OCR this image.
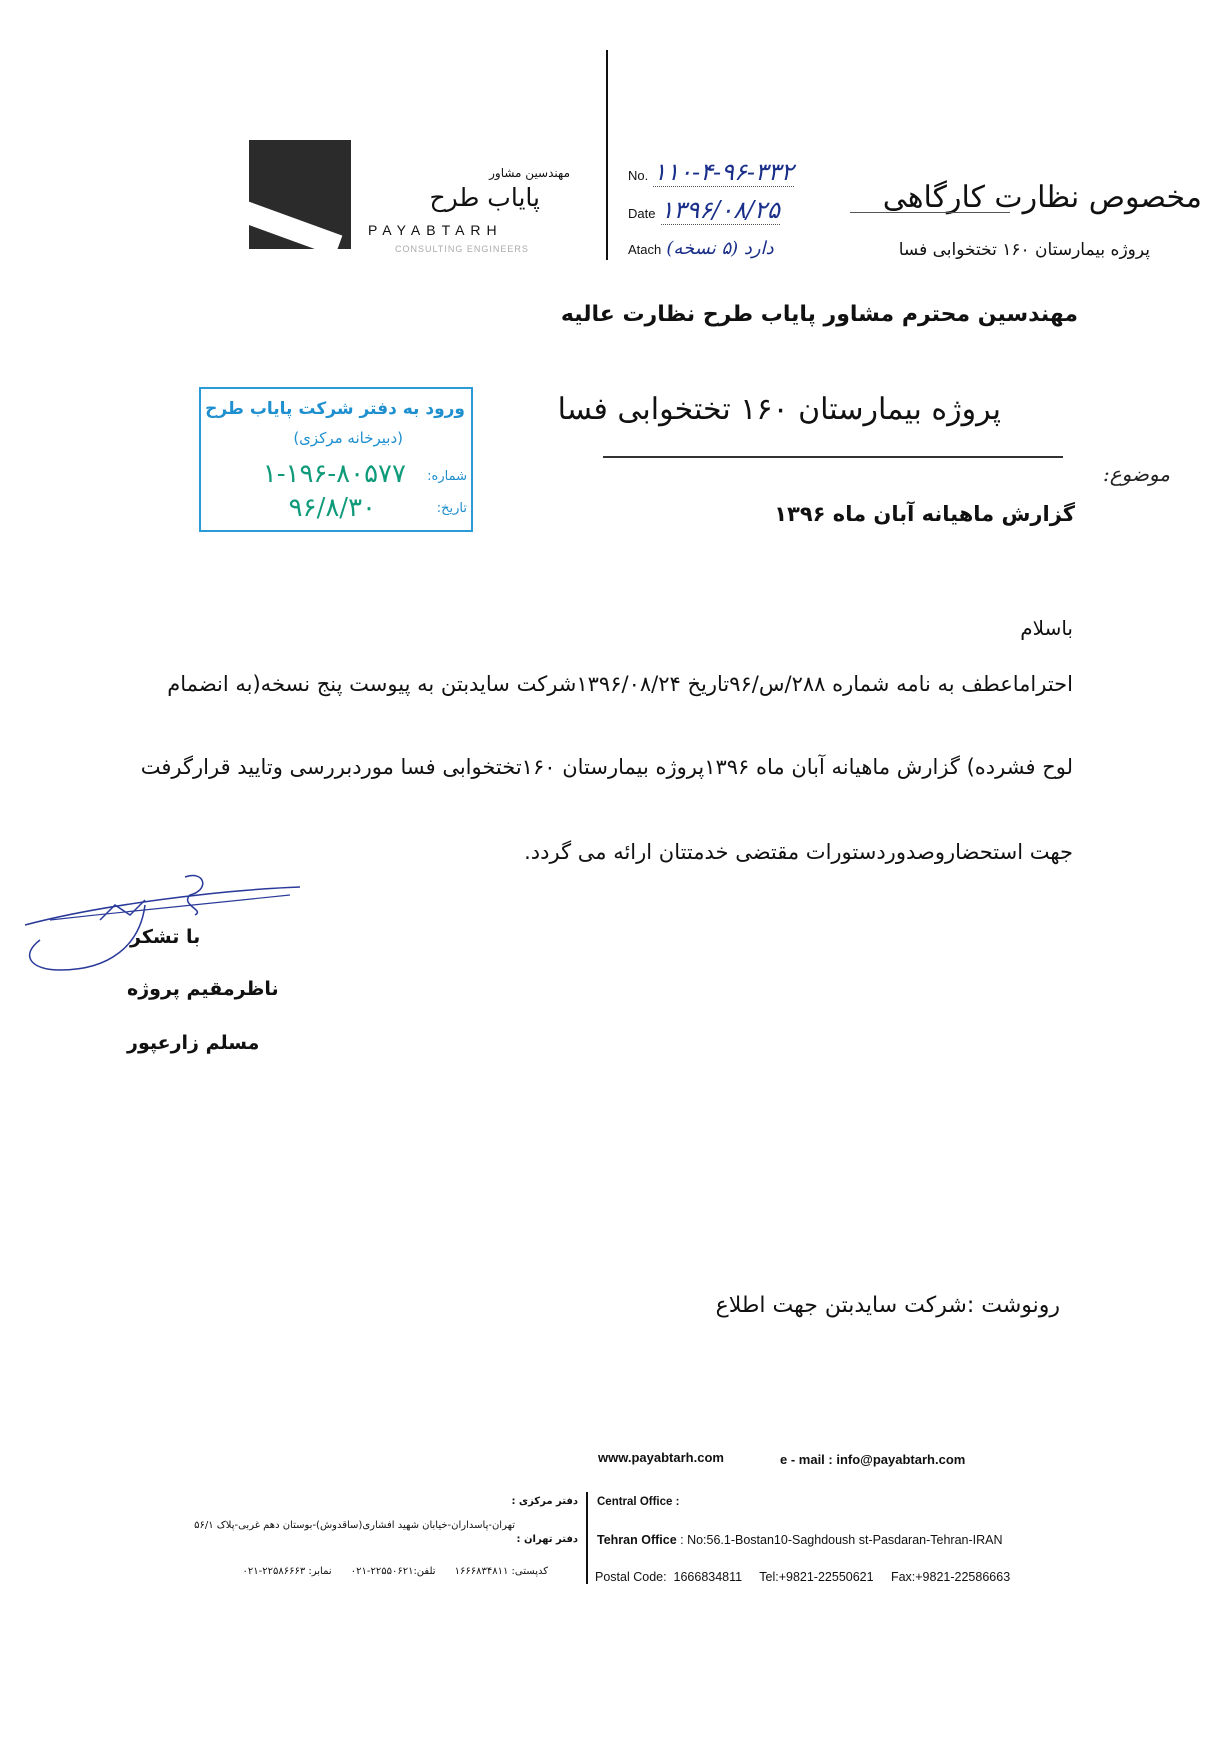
مهندسین مشاور
پایاب طرح
PAYABTARH
CONSULTING ENGINEERS
No. ۱۱۰-۴-۹۶-۳۳۲
Date ۱۳۹۶/۰۸/۲۵
Atach دارد (۵ نسخه)
مخصوص نظارت کارگاهی
پروژه بیمارستان ۱۶۰ تختخوابی فسا
مهندسین محترم مشاور پایاب طرح نظارت عالیه
پروژه بیمارستان ۱۶۰ تختخوابی فسا
موضوع:
گزارش ماهیانه آبان ماه ۱۳۹۶
ورود به دفتر شرکت پایاب طرح
(دبیرخانه مرکزی)
شماره:
۱-۱۹۶-۸۰۵۷۷
تاریخ:
۹۶/۸/۳۰
باسلام
احتراماعطف به نامه شماره ۲۸۸/س/۹۶تاریخ ۱۳۹۶/۰۸/۲۴شرکت سایدبتن به پیوست پنج نسخه(به انضمام
لوح فشرده) گزارش ماهیانه آبان ماه ۱۳۹۶پروژه بیمارستان ۱۶۰تختخوابی فسا موردبررسی وتایید قرارگرفت
جهت استحضاروصدوردستورات مقتضی خدمتتان ارائه می گردد.
با تشکر
ناظرمقیم پروژه
مسلم زارعپور
رونوشت :شرکت سایدبتن جهت اطلاع
www.payabtarh.com	e - mail : info@payabtarh.com
Central Office :
Tehran Office : No:56.1-Bostan10-Saghdoush st-Pasdaran-Tehran-IRAN
Postal Code:  1666834811     Tel:+9821-22550621     Fax:+9821-22586663
دفتر مرکزی :
دفتر تهران :
تهران-پاسداران-خیابان شهید افشاری(ساقدوش)-بوستان دهم غربی-پلاک ۵۶/۱
کدپستی: ۱۶۶۶۸۳۴۸۱۱      تلفن:۲۲۵۵۰۶۲۱-۰۲۱      نمابر: ۲۲۵۸۶۶۶۳-۰۲۱
